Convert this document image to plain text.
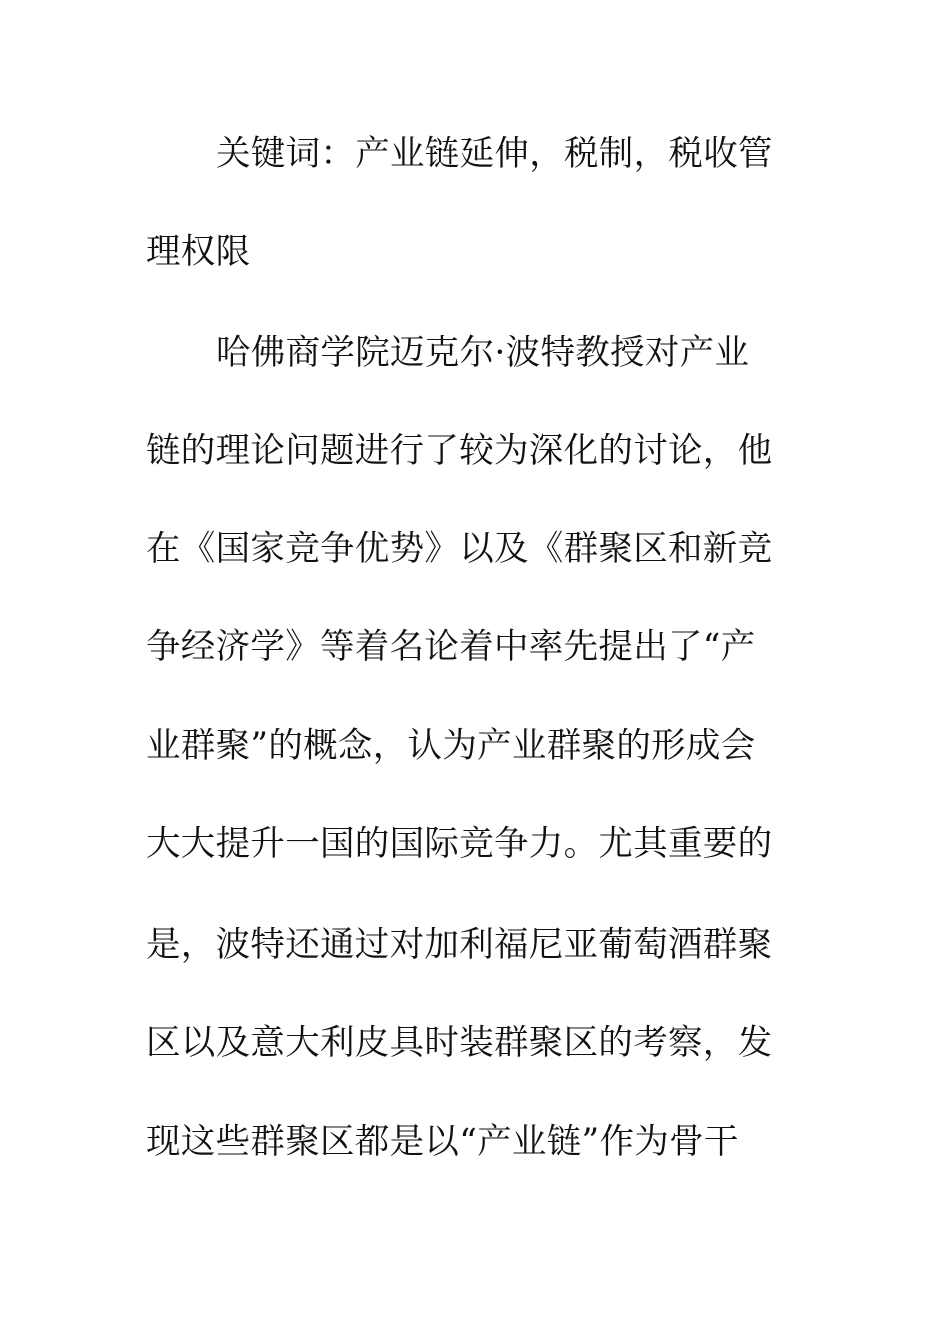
关键词：产业链延伸，税制，税收管
理权限
哈佛商学院迈克尔·波特教授对产业
链的理论问题进行了较为深化的讨论，他
在《国家竞争优势》以及《群聚区和新竞
争经济学》等着名论着中率先提出了“产
业群聚”的概念，认为产业群聚的形成会
大大提升一国的国际竞争力。尤其重要的
是，波特还通过对加利福尼亚葡萄酒群聚
区以及意大利皮具时装群聚区的考察，发
现这些群聚区都是以“产业链”作为骨干
